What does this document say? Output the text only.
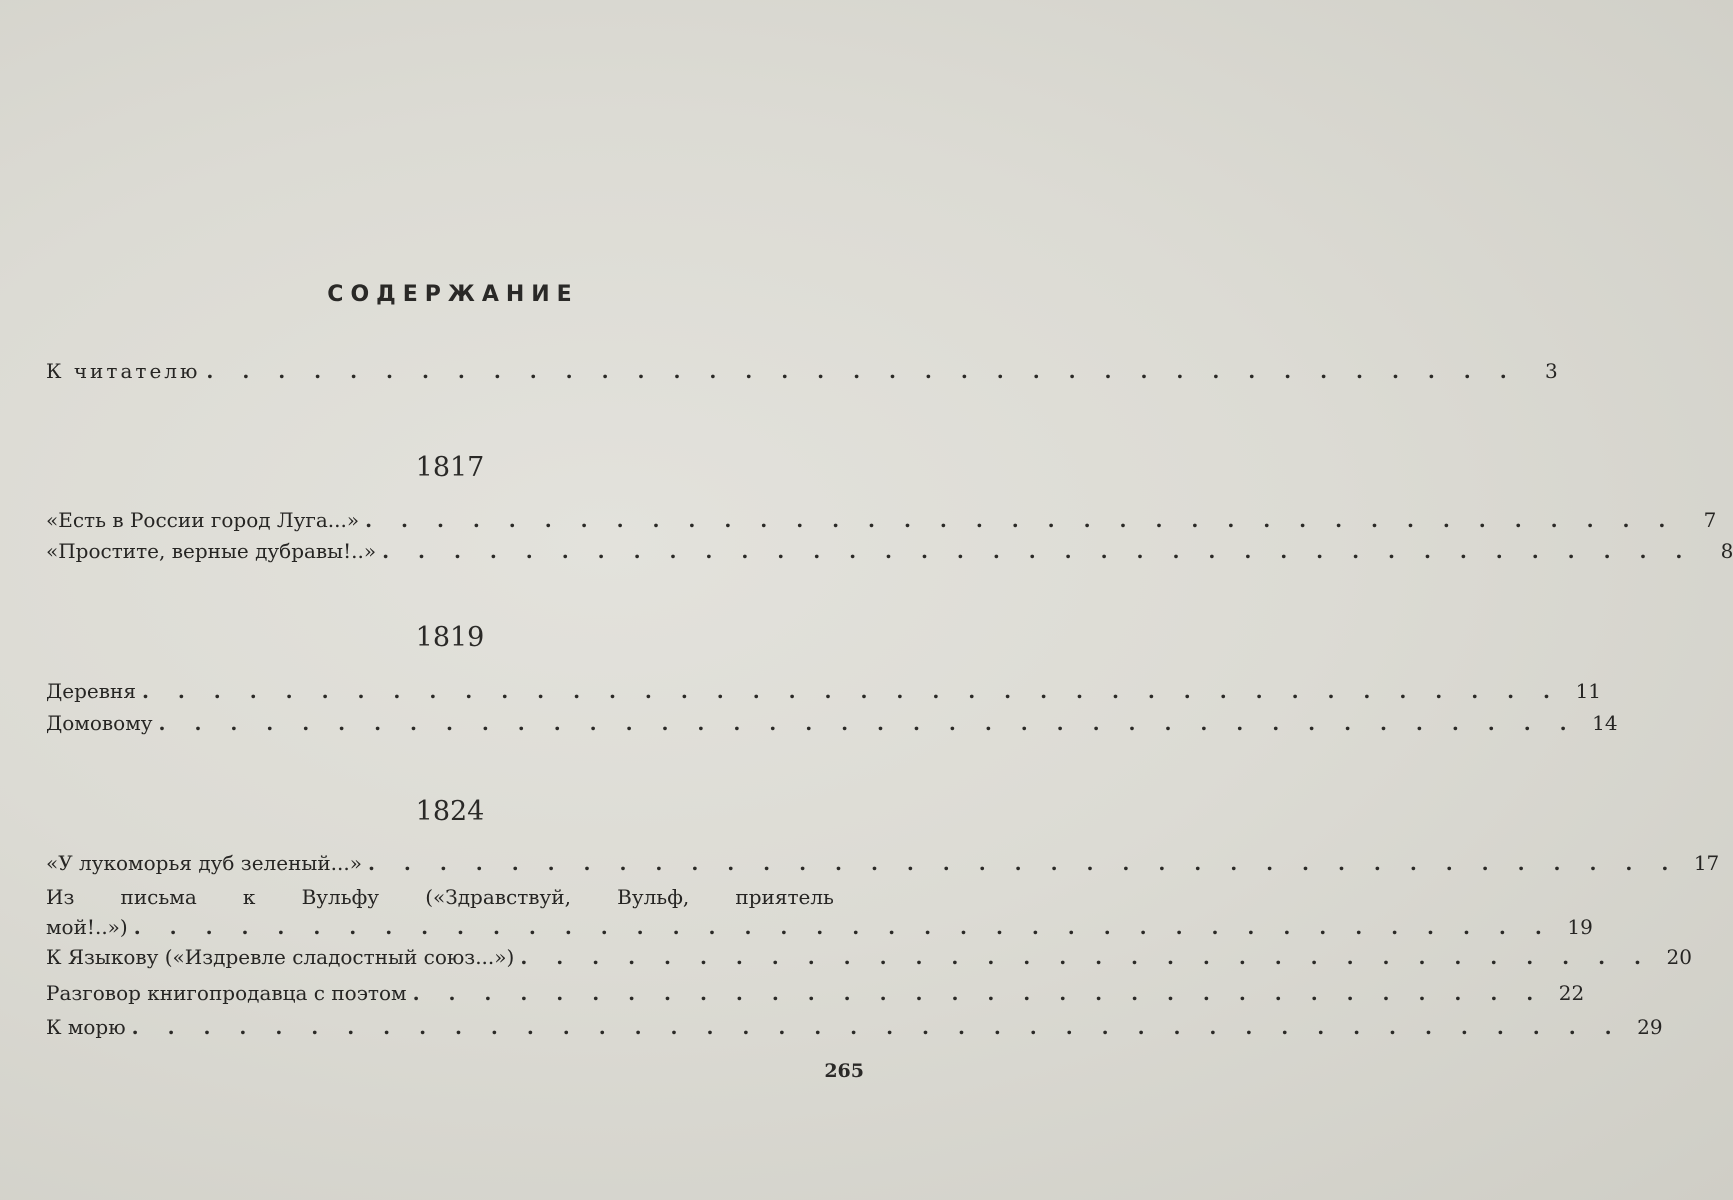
СОДЕРЖАНИЕ
К читателю . . . . . . . . . . . . . . . . . . . . . . . . . . . . . . . . . . . . .	3
1817
«Есть в России город Луга...» . . . . . . . . . . . . . . . . . . . . . . . . . . . . . . . . . . . . .	7
«Простите, верные дубравы!..» . . . . . . . . . . . . . . . . . . . . . . . . . . . . . . . . . . . . .	8
1819
Деревня . . . . . . . . . . . . . . . . . . . . . . . . . . . . . . . . . . . . . . . . 11
Домовому . . . . . . . . . . . . . . . . . . . . . . . . . . . . . . . . . . . . . . . . 14
1824
«У лукоморья дуб зеленый...» . . . . . . . . . . . . . . . . . . . . . . . . . . . . . . . . . . . . . 17
Из письма к Вульфу («Здравствуй, Вульф, приятель
мой!..») . . . . . . . . . . . . . . . . . . . . . . . . . . . . . . . . . . . . . . . . 19
К Языкову («Издревле сладостный союз...») . . . . . . . . . . . . . . . . . . . . . . . . . . . . . . . . 20
Разговор книгопродавца с поэтом . . . . . . . . . . . . . . . . . . . . . . . . . . . . . . . . 22
К морю . . . . . . . . . . . . . . . . . . . . . . . . . . . . . . . . . . . . . . . . . . 29
265
